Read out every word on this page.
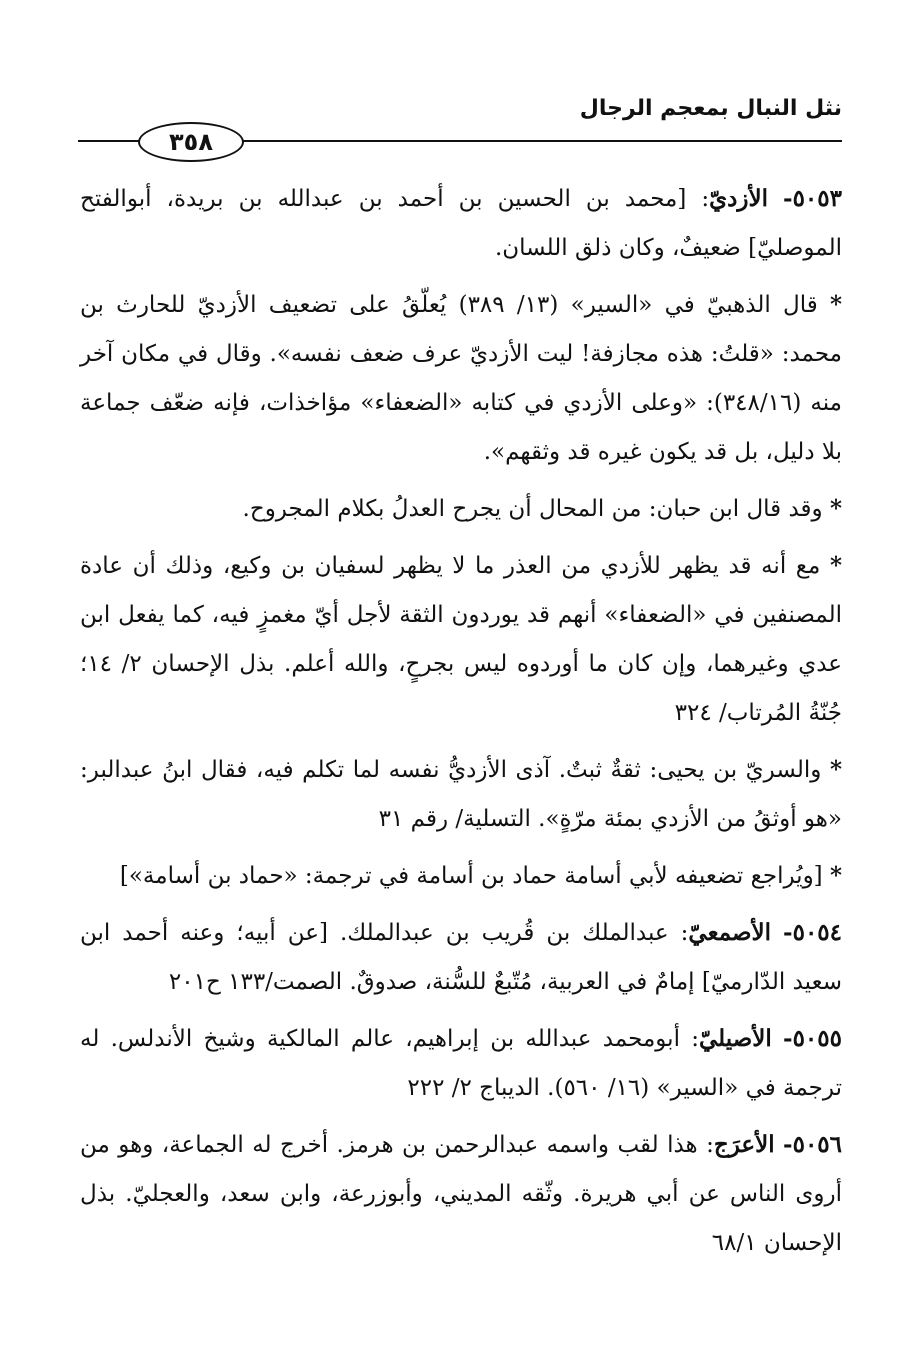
نثل النبال بمعجم الرجال
٣٥٨

٥٠٥٣- الأزديّ: [محمد بن الحسين بن أحمد بن عبدالله بن بريدة، أبوالفتح الموصليّ] ضعيفٌ، وكان ذلق اللسان.

* قال الذهبيّ في «السير» (١٣/ ٣٨٩) يُعلّقُ على تضعيف الأزديّ للحارث بن محمد: «قلتُ: هذه مجازفة! ليت الأزديّ عرف ضعف نفسه». وقال في مكان آخر منه (٣٤٨/١٦): «وعلى الأزدي في كتابه «الضعفاء» مؤاخذات، فإنه ضعّف جماعة بلا دليل، بل قد يكون غيره قد وثقهم».

* وقد قال ابن حبان: من المحال أن يجرح العدلُ بكلام المجروح.

* مع أنه قد يظهر للأزدي من العذر ما لا يظهر لسفيان بن وكيع، وذلك أن عادة المصنفين في «الضعفاء» أنهم قد يوردون الثقة لأجل أيّ مغمزٍ فيه، كما يفعل ابن عدي وغيرهما، وإن كان ما أوردوه ليس بجرحٍ، والله أعلم. بذل الإحسان ٢/ ١٤؛ جُنّةُ المُرتاب/ ٣٢٤

* والسريّ بن يحيى: ثقةٌ ثبتٌ. آذى الأزديُّ نفسه لما تكلم فيه، فقال ابنُ عبدالبر: «هو أوثقُ من الأزدي بمئة مرّةٍ». التسلية/ رقم ٣١

* [ويُراجع تضعيفه لأبي أسامة حماد بن أسامة في ترجمة: «حماد بن أسامة»]

٥٠٥٤- الأصمعيّ: عبدالملك بن قُريب بن عبدالملك. [عن أبيه؛ وعنه أحمد ابن سعيد الدّارميّ] إمامٌ في العربية، مُتّبعٌ للسُّنة، صدوقٌ. الصمت/١٣٣ ح٢٠١

٥٠٥٥- الأصيليّ: أبومحمد عبدالله بن إبراهيم، عالم المالكية وشيخ الأندلس. له ترجمة في «السير» (١٦/ ٥٦٠). الديباج ٢/ ٢٢٢

٥٠٥٦- الأعرَج: هذا لقب واسمه عبدالرحمن بن هرمز. أخرج له الجماعة، وهو من أروى الناس عن أبي هريرة. وثّقه المديني، وأبوزرعة، وابن سعد، والعجليّ. بذل الإحسان ٦٨/١
